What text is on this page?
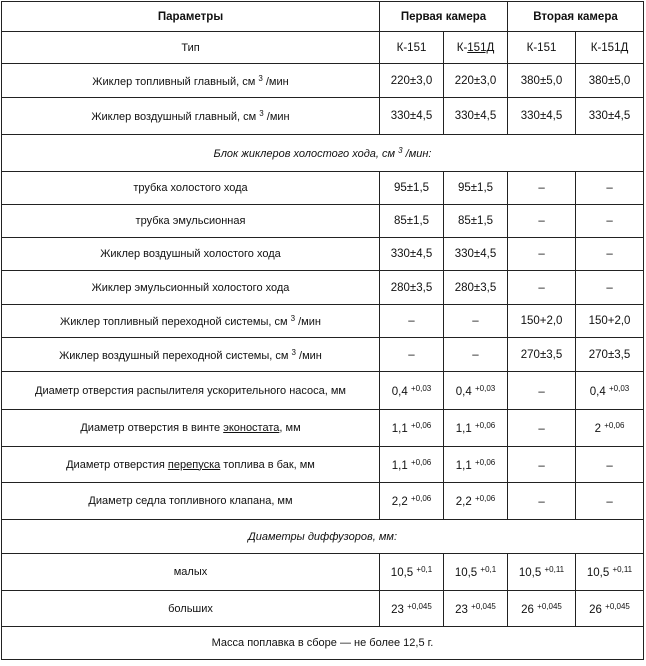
Параметры	Первая камера		Вторая камера	
Тип	К-151	К-151Д	К-151	К-151Д
Жиклер топливный главный, см $^3$ /мин	220±3,0	220±3,0	380±5,0	380±5,0
Жиклер воздушный главный, см $^3$ /мин	330±4,5	330±4,5	330±4,5	330±4,5
Блок жиклеров холостого хода, см $^3$ /мин:				
трубка холостого хода	95±1,5	95±1,5	–	–
трубка эмульсионная	85±1,5	85±1,5	–	–
Жиклер воздушный холостого хода	330±4,5	330±4,5	–	–
Жиклер эмульсионный холостого хода	280±3,5	280±3,5	–	–
Жиклер топливный переходной системы, см $^3$ /мин	–	–	150+2,0	150+2,0
Жиклер воздушный переходной системы, см $^3$ /мин	–	–	270±3,5	270±3,5
Диаметр отверстия распылителя ускорительного насоса, мм	0,4 $^{+0,03}$	0,4 $^{+0,03}$	–	0,4 $^{+0,03}$
Диаметр отверстия в винте эконостата, мм	1,1 $^{+0,06}$	1,1 $^{+0,06}$	–	2 $^{+0,06}$
Диаметр отверстия перепуска топлива в бак, мм	1,1 $^{+0,06}$	1,1 $^{+0,06}$	–	–
Диаметр седла топливного клапана, мм	2,2 $^{+0,06}$	2,2 $^{+0,06}$	–	–
Диаметры диффузоров, мм:				
малых	10,5 $^{+0,1}$	10,5 $^{+0,1}$	10,5 $^{+0,11}$	10,5 $^{+0,11}$
больших	23 $^{+0,045}$	23 $^{+0,045}$	26 $^{+0,045}$	26 $^{+0,045}$
Масса поплавка в сборе — не более 12,5 г.				
